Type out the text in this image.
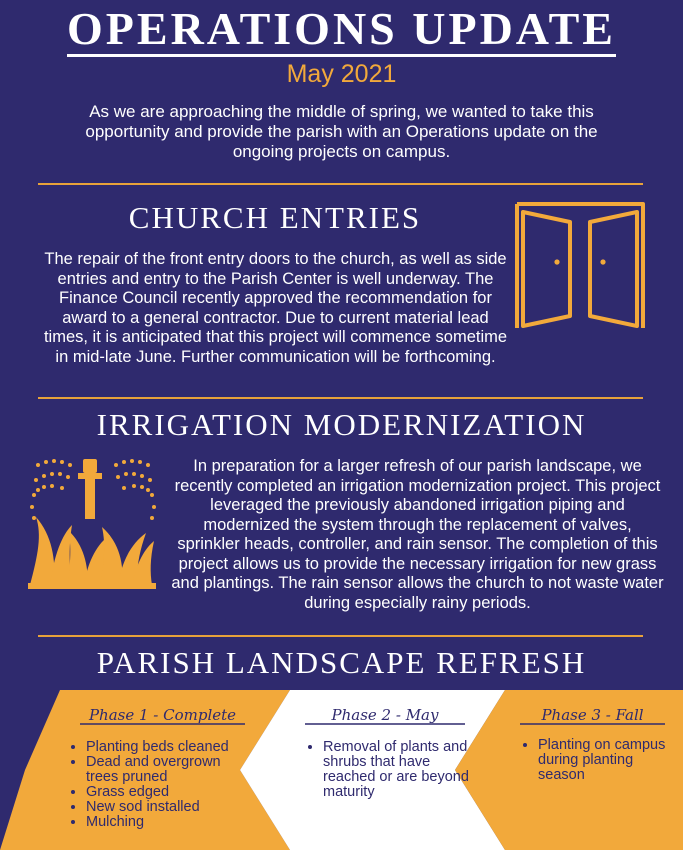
OPERATIONS UPDATE
May 2021
As we are approaching the middle of spring, we wanted to take this opportunity and provide the parish with an Operations update on the ongoing projects on campus.
CHURCH ENTRIES
The repair of the front entry doors to the church, as well as side entries and entry to the Parish Center is well underway. The Finance Council recently approved the recommendation for award to a general contractor. Due to current material lead times, it is anticipated that this project will commence sometime in mid-late June. Further communication will be forthcoming.
IRRIGATION MODERNIZATION
In preparation for a larger refresh of our parish landscape, we recently completed an irrigation modernization project. This project leveraged the previously abandoned irrigation piping and modernized the system through the replacement of valves, sprinkler heads, controller, and rain sensor. The completion of this project allows us to provide the necessary irrigation for new grass and plantings. The rain sensor allows the church to not waste water during especially rainy periods.
PARISH LANDSCAPE REFRESH
Phase 1 - Complete
• Planting beds cleaned
• Dead and overgrown trees pruned
• Grass edged
• New sod installed
• Mulching
Phase 2 - May
• Removal of plants and shrubs that have reached or are beyond maturity
Phase 3 - Fall
• Planting on campus during planting season
